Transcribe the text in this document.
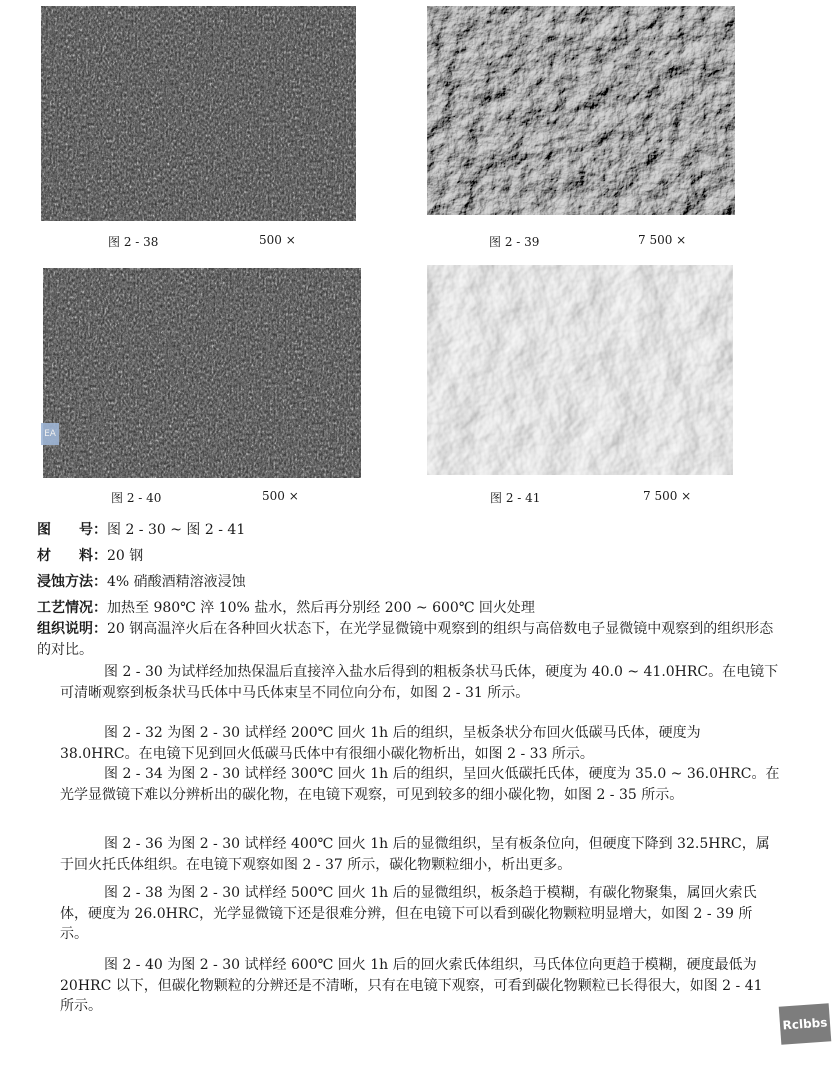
EA
图 2 - 38	500 ×	图 2 - 39	7 500 ×
图 2 - 40	500 ×	图 2 - 41	7 500 ×
图　　号：图 2 - 30 ~ 图 2 - 41
材　　料：20 钢
浸蚀方法：4% 硝酸酒精溶液浸蚀
工艺情况：加热至 980℃ 淬 10% 盐水，然后再分别经 200 ~ 600℃ 回火处理
组织说明：20 钢高温淬火后在各种回火状态下，在光学显微镜中观察到的组织与高倍数电子显微镜中观察到的组织形态的对比。
图 2 - 30 为试样经加热保温后直接淬入盐水后得到的粗板条状马氏体，硬度为 40.0 ~ 41.0HRC。在电镜下可清晰观察到板条状马氏体中马氏体束呈不同位向分布，如图 2 - 31 所示。
图 2 - 32 为图 2 - 30 试样经 200℃ 回火 1h 后的组织，呈板条状分布回火低碳马氏体，硬度为 38.0HRC。在电镜下见到回火低碳马氏体中有很细小碳化物析出，如图 2 - 33 所示。
图 2 - 34 为图 2 - 30 试样经 300℃ 回火 1h 后的组织，呈回火低碳托氏体，硬度为 35.0 ~ 36.0HRC。在光学显微镜下难以分辨析出的碳化物，在电镜下观察，可见到较多的细小碳化物，如图 2 - 35 所示。
图 2 - 36 为图 2 - 30 试样经 400℃ 回火 1h 后的显微组织，呈有板条位向，但硬度下降到 32.5HRC，属于回火托氏体组织。在电镜下观察如图 2 - 37 所示，碳化物颗粒细小，析出更多。
图 2 - 38 为图 2 - 30 试样经 500℃ 回火 1h 后的显微组织，板条趋于模糊，有碳化物聚集，属回火索氏体，硬度为 26.0HRC，光学显微镜下还是很难分辨，但在电镜下可以看到碳化物颗粒明显增大，如图 2 - 39 所示。
图 2 - 40 为图 2 - 30 试样经 600℃ 回火 1h 后的回火索氏体组织，马氏体位向更趋于模糊，硬度最低为 20HRC 以下，但碳化物颗粒的分辨还是不清晰，只有在电镜下观察，可看到碳化物颗粒已长得很大，如图 2 - 41 所示。
Rclbbs
